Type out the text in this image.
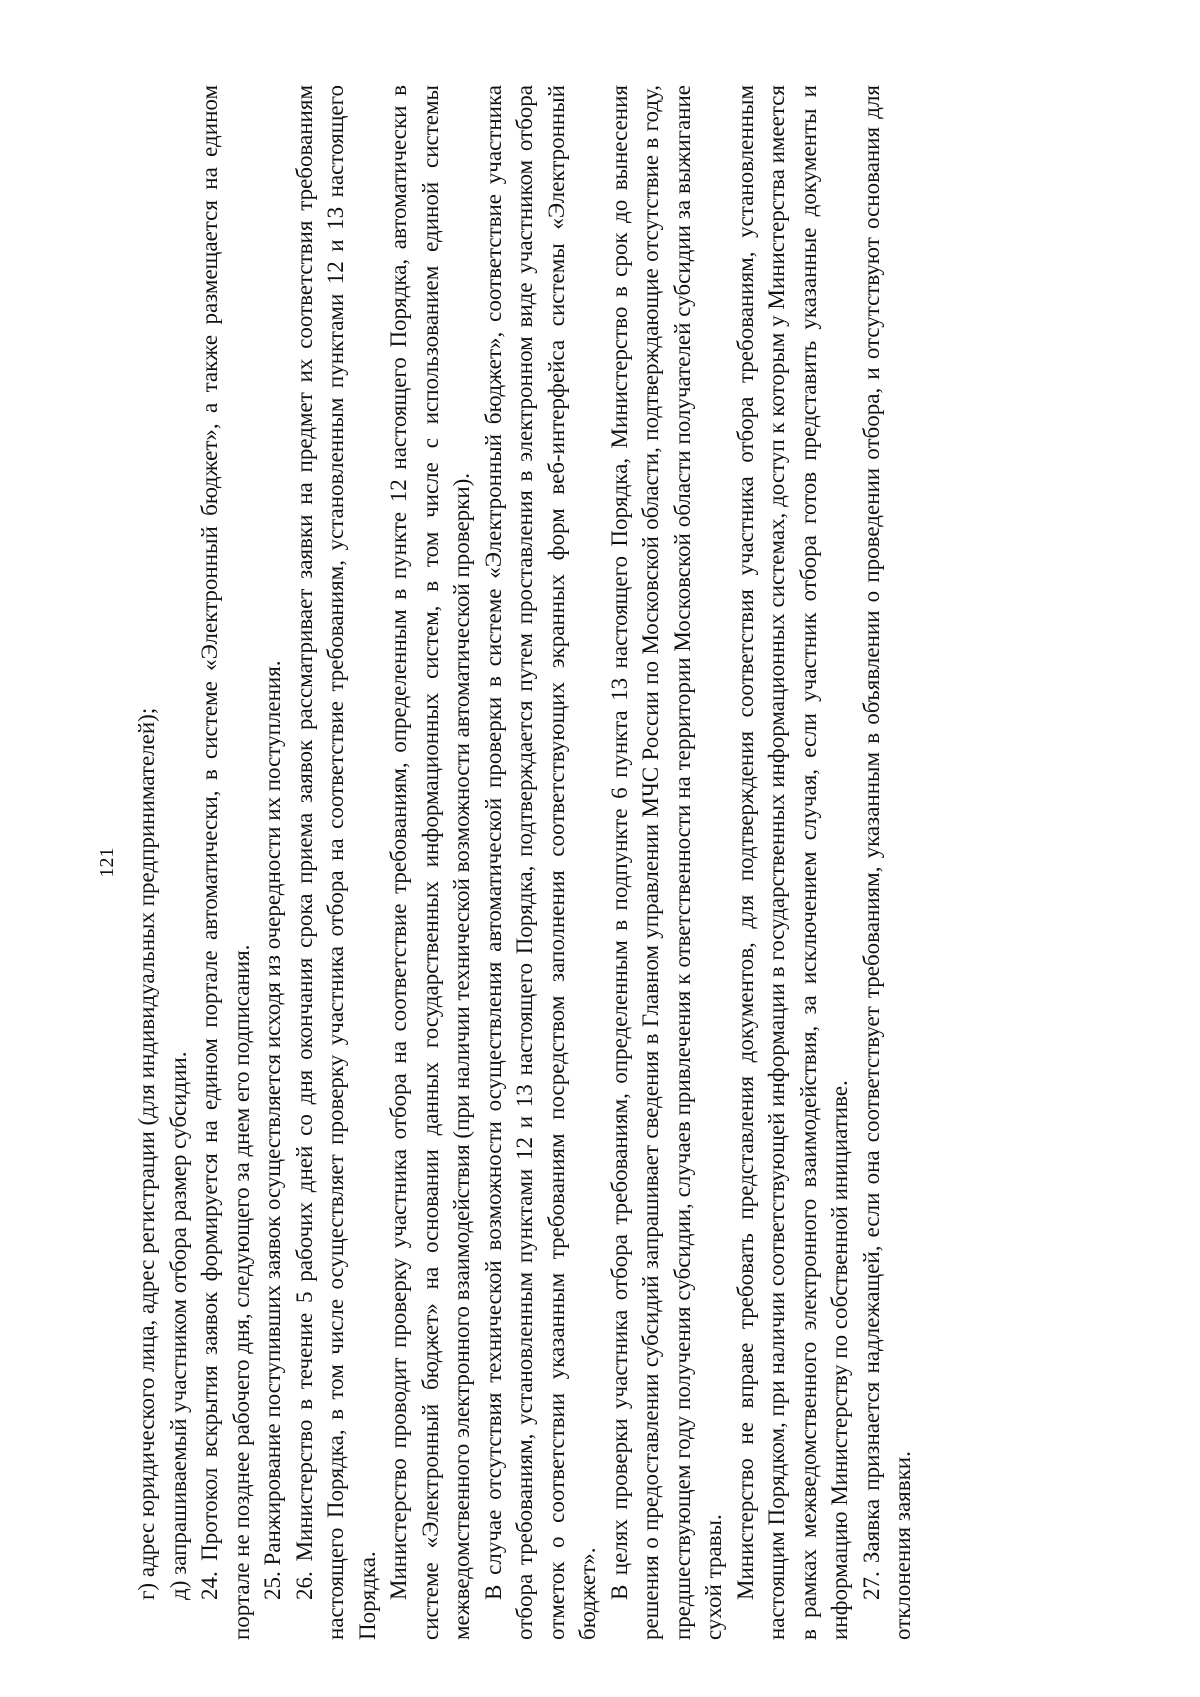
121 г) адрес юридического лица, адрес регистрации (для индивидуальных предпринимателей); д) запрашиваемый участником отбора размер субсидии. 24. Протокол вскрытия заявок формируется на едином портале автоматически, в системе «Электронный бюджет», а также размещается на едином портале не позднее рабочего дня, следующего за днем его подписания. 25. Ранжирование поступивших заявок осуществляется исходя из очередности их поступления. 26. Министерство в течение 5 рабочих дней со дня окончания срока приема заявок рассматривает заявки на предмет их соответствия требованиям настоящего Порядка, в том числе осуществляет проверку участника отбора на соответствие требованиям, установленным пунктами 12 и 13 настоящего Порядка. Министерство проводит проверку участника отбора на соответствие требованиям, определенным в пункте 12 настоящего Порядка, автоматически в системе «Электронный бюджет» на основании данных государственных информационных систем, в том числе с использованием единой системы межведомственного электронного взаимодействия (при наличии технической возможности автоматической проверки). В случае отсутствия технической возможности осуществления автоматической проверки в системе «Электронный бюджет», соответствие участника отбора требованиям, установленным пунктами 12 и 13 настоящего Порядка, подтверждается путем проставления в электронном виде участником отбора отметок о соответствии указанным требованиям посредством заполнения соответствующих экранных форм веб-интерфейса системы «Электронный бюджет». В целях проверки участника отбора требованиям, определенным в подпункте 6 пункта 13 настоящего Порядка, Министерство в срок до вынесения решения о предоставлении субсидий запрашивает сведения в Главном управлении МЧС России по Московской области, подтверждающие отсутствие в году, предшествующем году получения субсидии, случаев привлечения к ответственности на территории Московской области получателей субсидии за выжигание сухой травы. Министерство не вправе требовать представления документов, для подтверждения соответствия участника отбора требованиям, установленным настоящим Порядком, при наличии соответствующей информации в государственных информационных системах, доступ к которым у Министерства имеется в рамках межведомственного электронного взаимодействия, за исключением случая, если участник отбора готов представить указанные документы и информацию Министерству по собственной инициативе. 27. Заявка признается надлежащей, если она соответствует требованиям, указанным в объявлении о проведении отбора, и отсутствуют основания для отклонения заявки.
